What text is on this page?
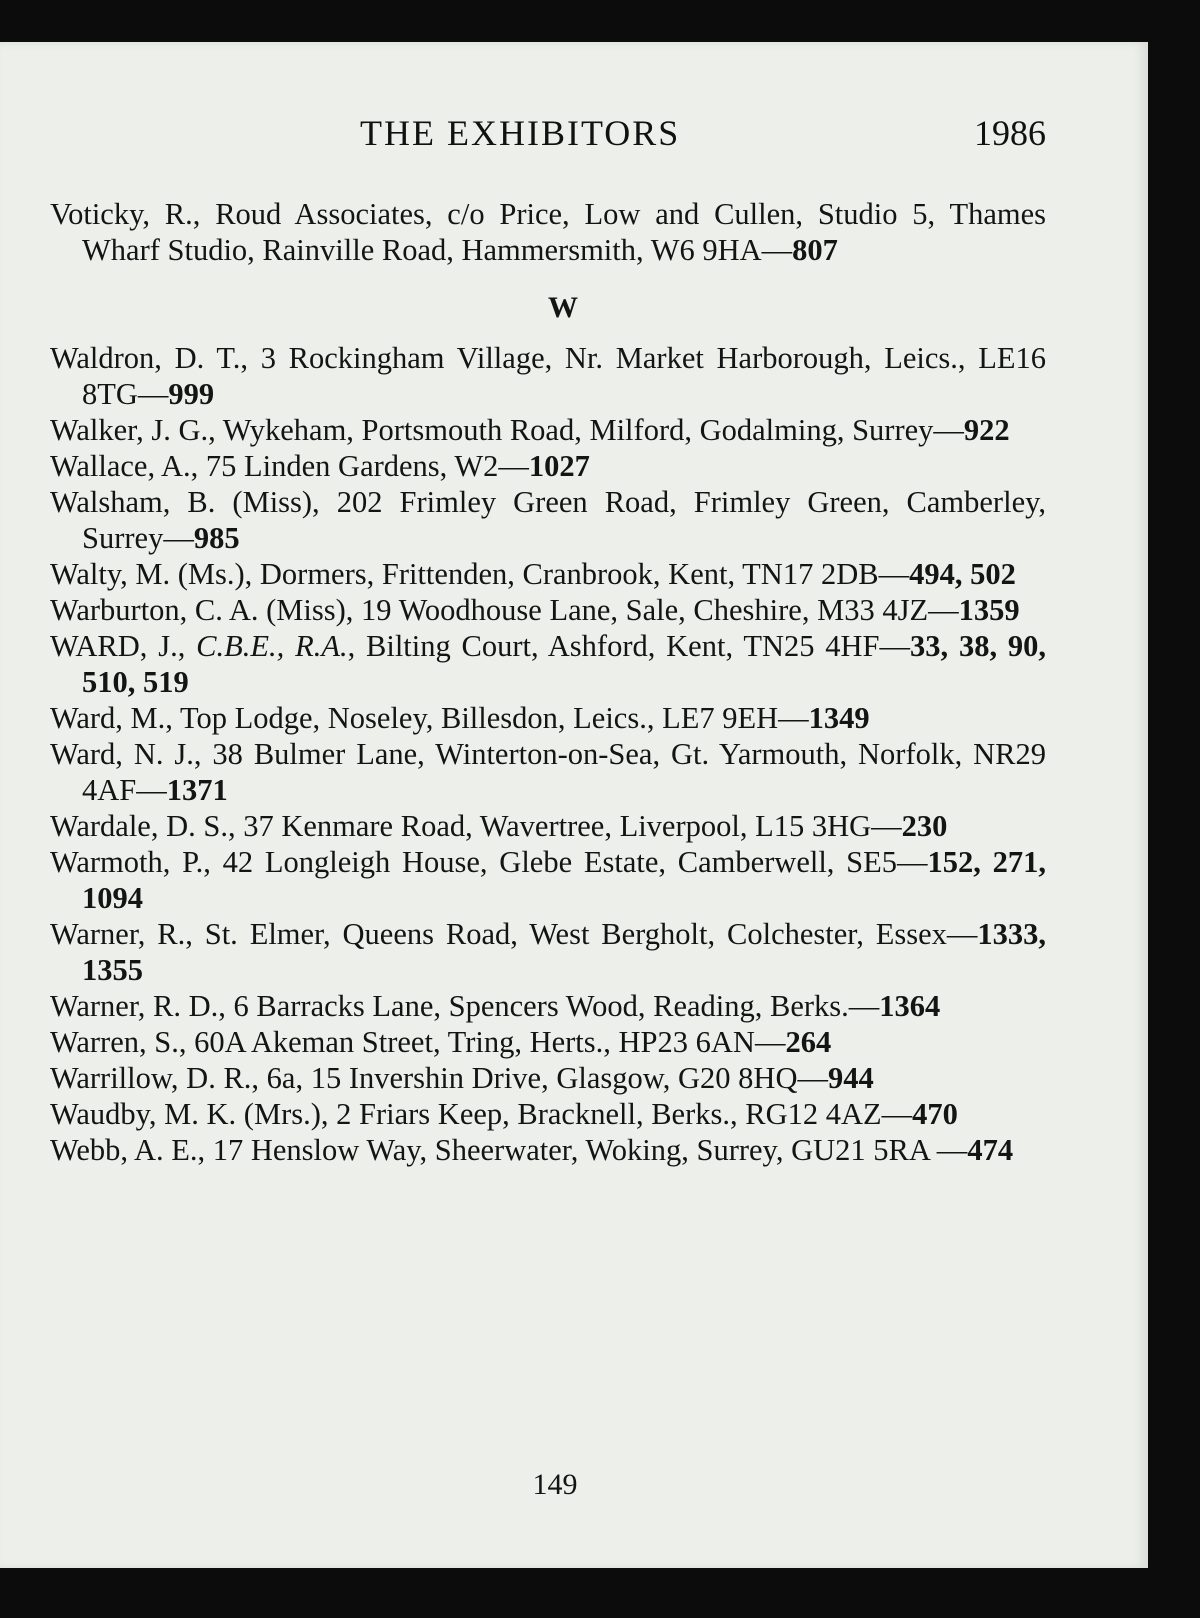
THE EXHIBITORS	1986
Voticky, R., Roud Associates, c/o Price, Low and Cullen, Studio 5, Thames Wharf Studio, Rainville Road, Hammersmith, W6 9HA—807
W
Waldron, D. T., 3 Rockingham Village, Nr. Market Harborough, Leics., LE16 8TG—999
Walker, J. G., Wykeham, Portsmouth Road, Milford, Godalming, Surrey—922
Wallace, A., 75 Linden Gardens, W2—1027
Walsham, B. (Miss), 202 Frimley Green Road, Frimley Green, Camberley, Surrey—985
Walty, M. (Ms.), Dormers, Frittenden, Cranbrook, Kent, TN17 2DB—494, 502
Warburton, C. A. (Miss), 19 Woodhouse Lane, Sale, Cheshire, M33 4JZ—1359
WARD, J., C.B.E., R.A., Bilting Court, Ashford, Kent, TN25 4HF—33, 38, 90, 510, 519
Ward, M., Top Lodge, Noseley, Billesdon, Leics., LE7 9EH—1349
Ward, N. J., 38 Bulmer Lane, Winterton-on-Sea, Gt. Yarmouth, Norfolk, NR29 4AF—1371
Wardale, D. S., 37 Kenmare Road, Wavertree, Liverpool, L15 3HG—230
Warmoth, P., 42 Longleigh House, Glebe Estate, Camberwell, SE5—152, 271, 1094
Warner, R., St. Elmer, Queens Road, West Bergholt, Colchester, Essex—1333, 1355
Warner, R. D., 6 Barracks Lane, Spencers Wood, Reading, Berks.—1364
Warren, S., 60A Akeman Street, Tring, Herts., HP23 6AN—264
Warrillow, D. R., 6a, 15 Invershin Drive, Glasgow, G20 8HQ—944
Waudby, M. K. (Mrs.), 2 Friars Keep, Bracknell, Berks., RG12 4AZ—470
Webb, A. E., 17 Henslow Way, Sheerwater, Woking, Surrey, GU21 5RA —474
149
